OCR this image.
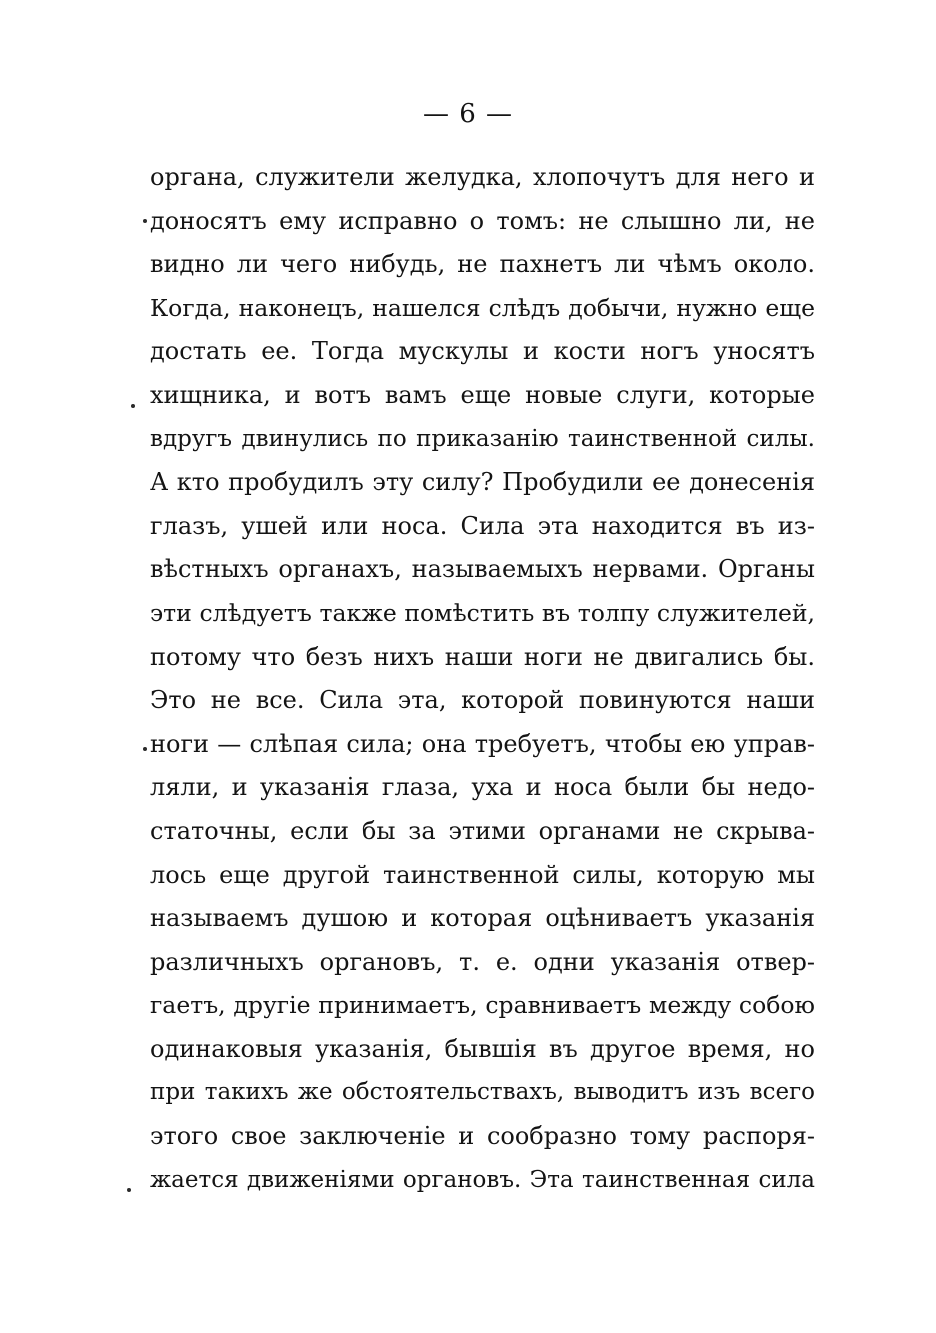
— 6 —
органа, служители желудка, хлопочутъ для него и
доносятъ ему исправно о томъ: не слышно ли, не
видно ли чего нибудь, не пахнетъ ли чѣмъ около.
Когда, наконецъ, нашелся слѣдъ добычи, нужно еще
достать ее. Тогда мускулы и кости ногъ уносятъ
хищника, и вотъ вамъ еще новые слуги, которые
вдругъ двинулись по приказанію таинственной силы.
А кто пробудилъ эту силу? Пробудили ее донесенія
глазъ, ушей или носа. Сила эта находится въ из-
вѣстныхъ органахъ, называемыхъ нервами. Органы
эти слѣдуетъ также помѣстить въ толпу служителей,
потому что безъ нихъ наши ноги не двигались бы.
Это не все. Сила эта, которой повинуются наши
ноги — слѣпая сила; она требуетъ, чтобы ею управ-
ляли, и указанія глаза, уха и носа были бы недо-
статочны, если бы за этими органами не скрыва-
лось еще другой таинственной силы, которую мы
называемъ душою и которая оцѣниваетъ указанія
различныхъ органовъ, т. е. одни указанія отвер-
гаетъ, другіе принимаетъ, сравниваетъ между собою
одинаковыя указанія, бывшія въ другое время, но
при такихъ же обстоятельствахъ, выводитъ изъ всего
этого свое заключеніе и сообразно тому распоря-
жается движеніями органовъ. Эта таинственная сила
